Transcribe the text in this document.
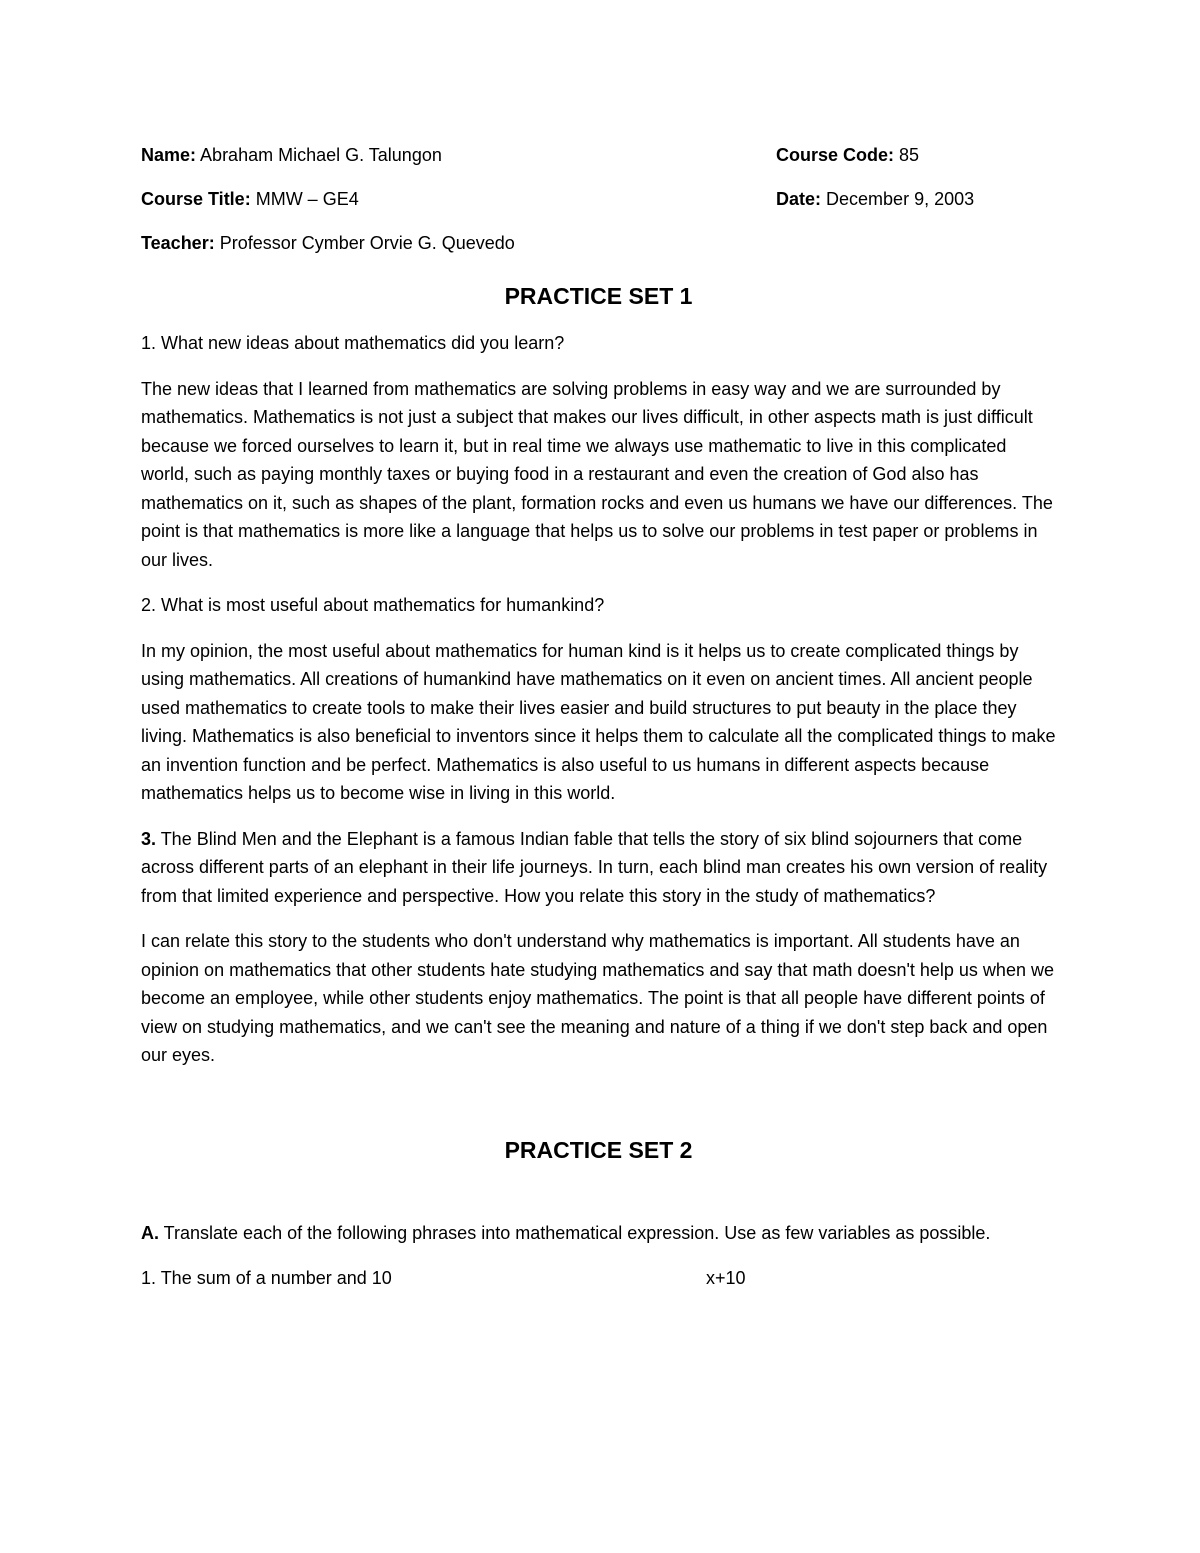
Name: Abraham Michael G. Talungon	Course Code: 85
Course Title: MMW – GE4	Date: December 9, 2003
Teacher: Professor Cymber Orvie G. Quevedo
PRACTICE SET 1

1. What new ideas about mathematics did you learn?

The new ideas that I learned from mathematics are solving problems in easy way and we are surrounded by mathematics. Mathematics is not just a subject that makes our lives difficult, in other aspects math is just difficult because we forced ourselves to learn it, but in real time we always use mathematic to live in this complicated world, such as paying monthly taxes or buying food in a restaurant and even the creation of God also has mathematics on it, such as shapes of the plant, formation rocks and even us humans we have our differences. The point is that mathematics is more like a language that helps us to solve our problems in test paper or problems in our lives.

2. What is most useful about mathematics for humankind?

In my opinion, the most useful about mathematics for human kind is it helps us to create complicated things by using mathematics. All creations of humankind have mathematics on it even on ancient times. All ancient people used mathematics to create tools to make their lives easier and build structures to put beauty in the place they living. Mathematics is also beneficial to inventors since it helps them to calculate all the complicated things to make an invention function and be perfect. Mathematics is also useful to us humans in different aspects because mathematics helps us to become wise in living in this world.

3. The Blind Men and the Elephant is a famous Indian fable that tells the story of six blind sojourners that come across different parts of an elephant in their life journeys. In turn, each blind man creates his own version of reality from that limited experience and perspective. How you relate this story in the study of mathematics?

I can relate this story to the students who don't understand why mathematics is important. All students have an opinion on mathematics that other students hate studying mathematics and say that math doesn't help us when we become an employee, while other students enjoy mathematics. The point is that all people have different points of view on studying mathematics, and we can't see the meaning and nature of a thing if we don't step back and open our eyes.

PRACTICE SET 2

A. Translate each of the following phrases into mathematical expression. Use as few variables as possible.

1. The sum of a number and 10	x+10
